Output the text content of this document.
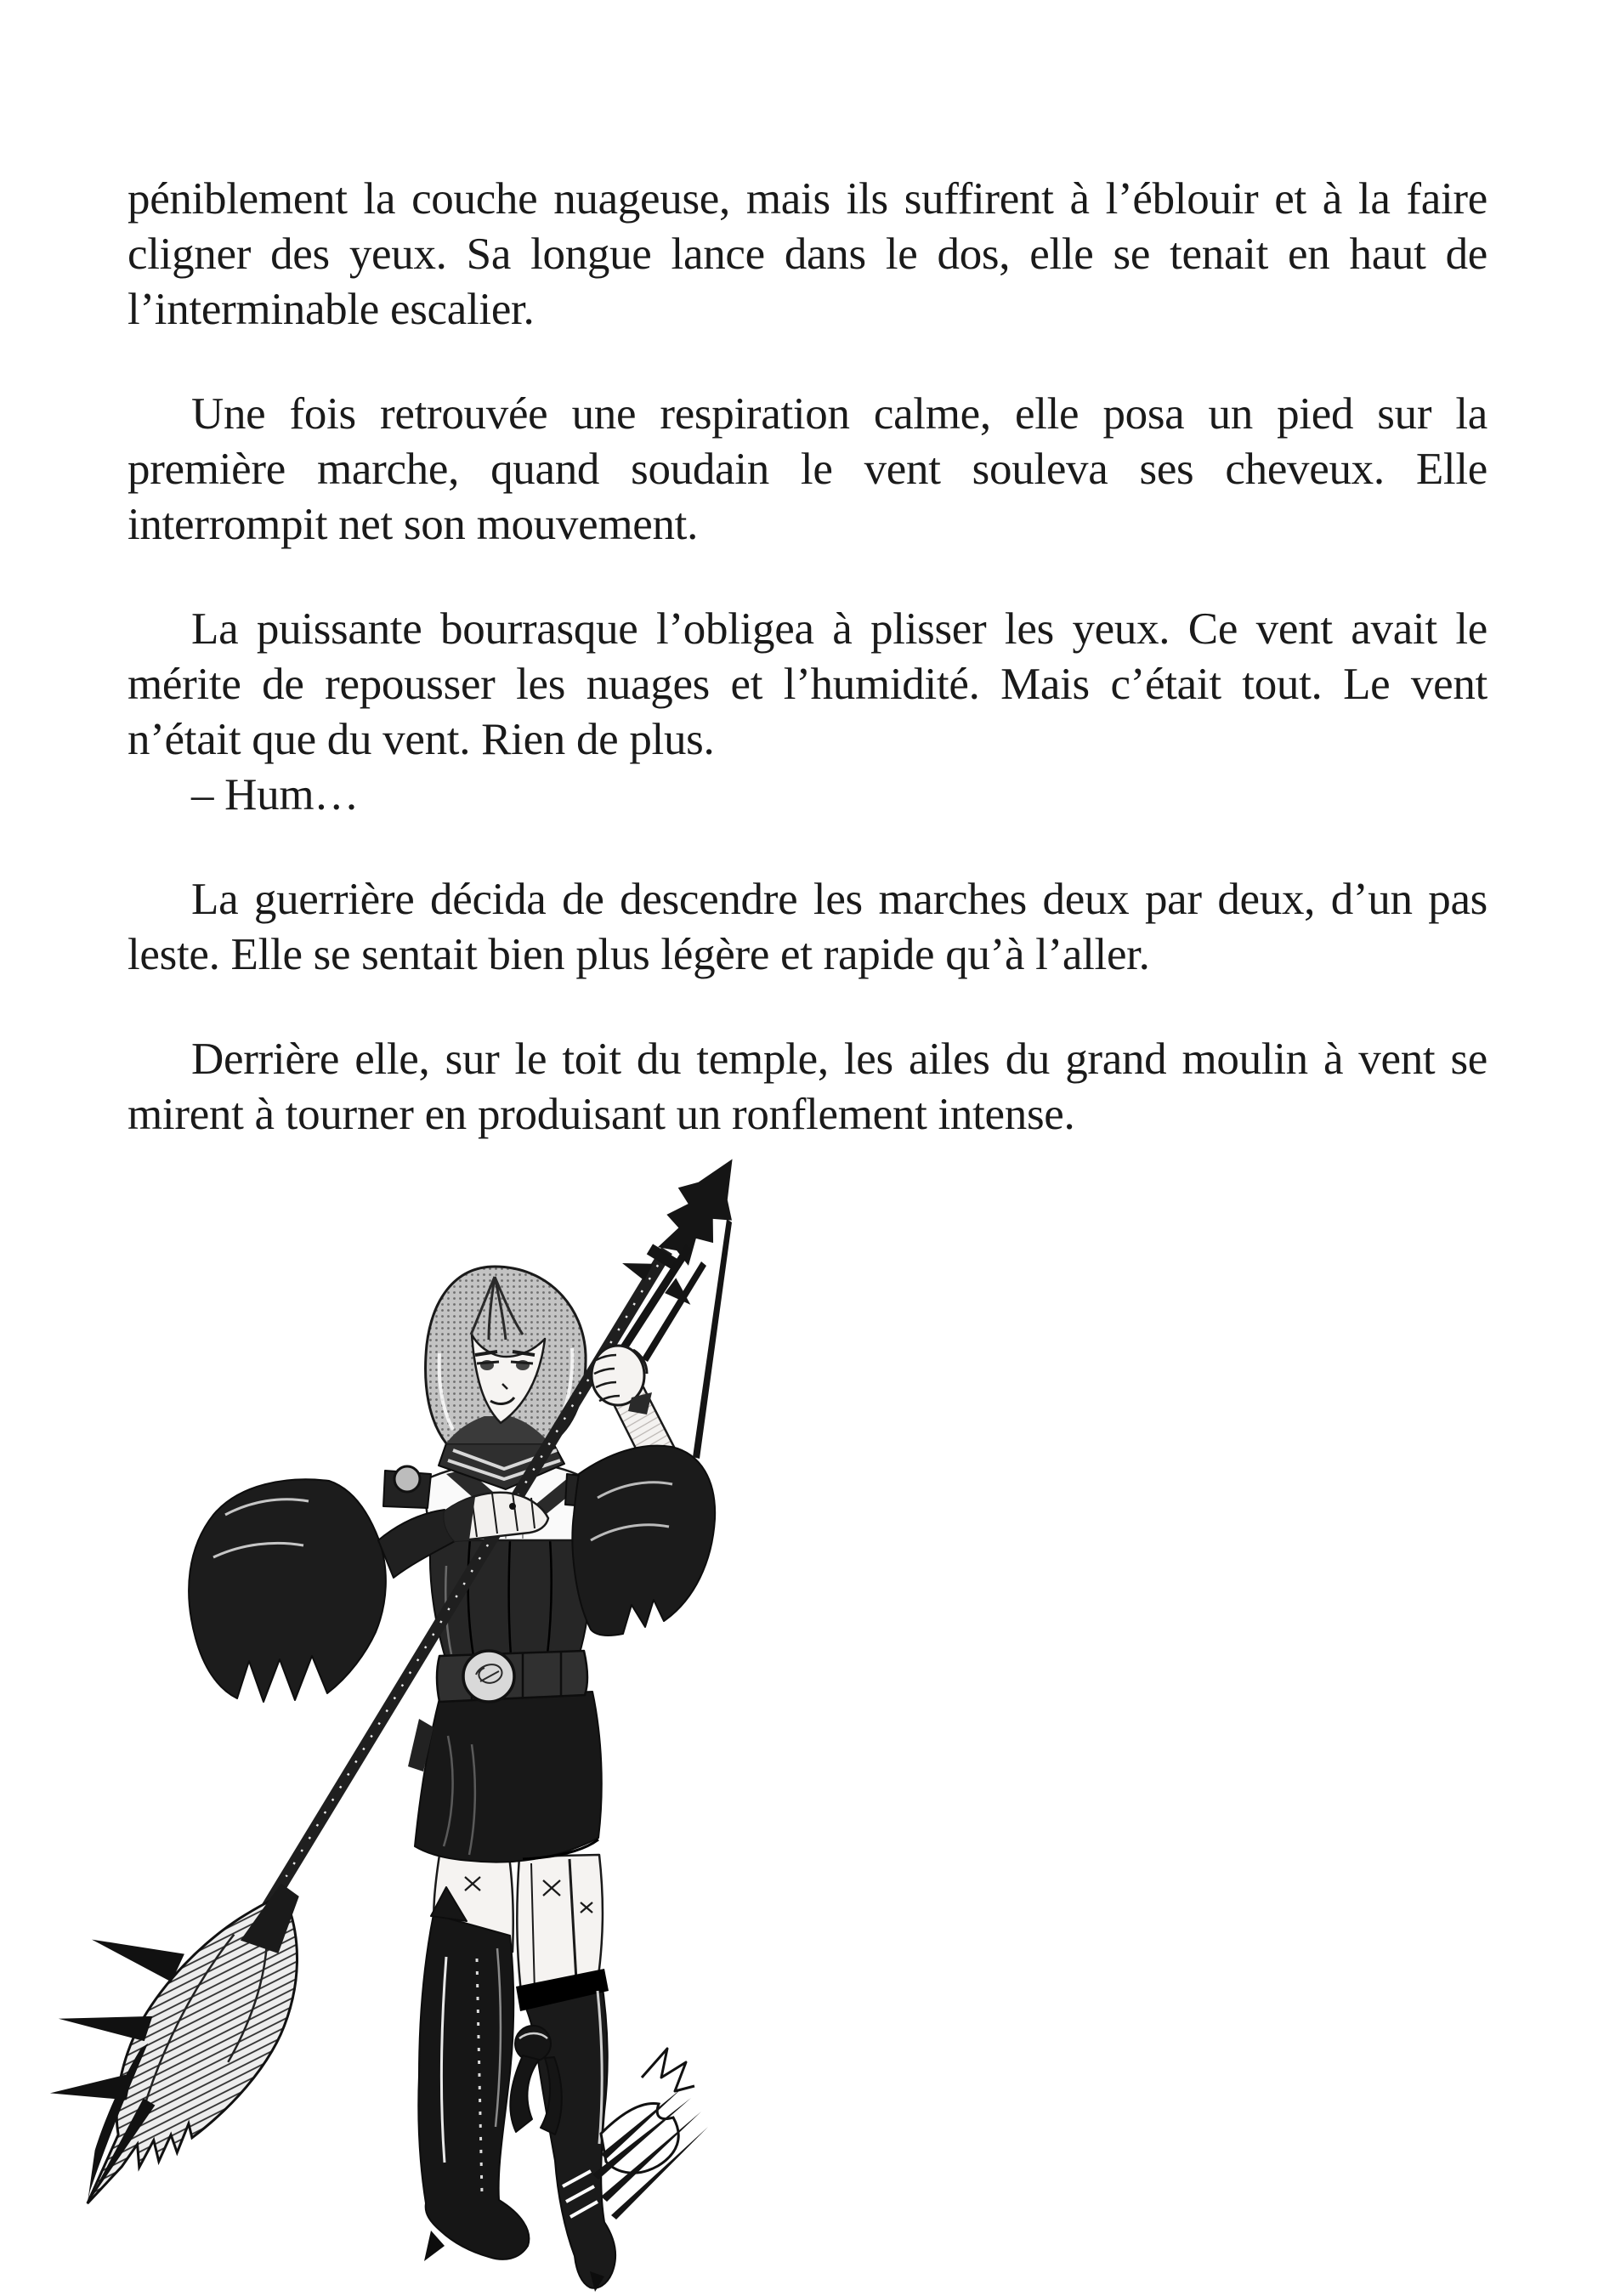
péniblement la couche nuageuse, mais ils suffirent à l’éblouir et à la faire cligner des yeux. Sa longue lance dans le dos, elle se tenait en haut de l’interminable escalier.

Une fois retrouvée une respiration calme, elle posa un pied sur la première marche, quand soudain le vent souleva ses cheveux. Elle interrompit net son mouvement.

La puissante bourrasque l’obligea à plisser les yeux. Ce vent avait le mérite de repousser les nuages et l’humidité. Mais c’était tout. Le vent n’était que du vent. Rien de plus.

– Hum…

La guerrière décida de descendre les marches deux par deux, d’un pas leste. Elle se sentait bien plus légère et rapide qu’à l’aller.

Derrière elle, sur le toit du temple, les ailes du grand moulin à vent se mirent à tourner en produisant un ronflement intense.
